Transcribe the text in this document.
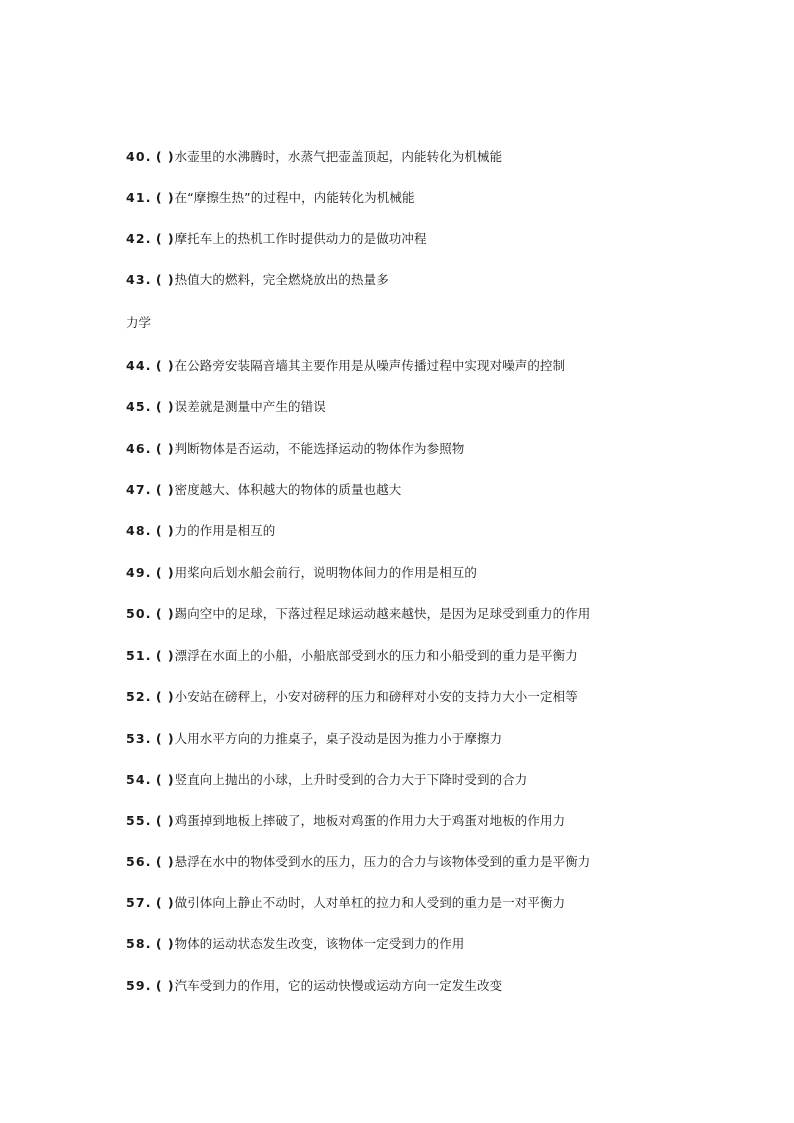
40. ( )水壶里的水沸腾时，水蒸气把壶盖顶起，内能转化为机械能
41. ( )在“摩擦生热”的过程中，内能转化为机械能
42. ( )摩托车上的热机工作时提供动力的是做功冲程
43. ( )热值大的燃料，完全燃烧放出的热量多
力学
44. ( )在公路旁安装隔音墙其主要作用是从噪声传播过程中实现对噪声的控制
45. ( )误差就是测量中产生的错误
46. ( )判断物体是否运动，不能选择运动的物体作为参照物
47. ( )密度越大、体积越大的物体的质量也越大
48. ( )力的作用是相互的
49. ( )用桨向后划水船会前行，说明物体间力的作用是相互的
50. ( )踢向空中的足球，下落过程足球运动越来越快，是因为足球受到重力的作用
51. ( )漂浮在水面上的小船，小船底部受到水的压力和小船受到的重力是平衡力
52. ( )小安站在磅秤上，小安对磅秤的压力和磅秤对小安的支持力大小一定相等
53. ( )人用水平方向的力推桌子，桌子没动是因为推力小于摩擦力
54. ( )竖直向上抛出的小球，上升时受到的合力大于下降时受到的合力
55. ( )鸡蛋掉到地板上摔破了，地板对鸡蛋的作用力大于鸡蛋对地板的作用力
56. ( )悬浮在水中的物体受到水的压力，压力的合力与该物体受到的重力是平衡力
57. ( )做引体向上静止不动时，人对单杠的拉力和人受到的重力是一对平衡力
58. ( )物体的运动状态发生改变，该物体一定受到力的作用
59. ( )汽车受到力的作用，它的运动快慢或运动方向一定发生改变
